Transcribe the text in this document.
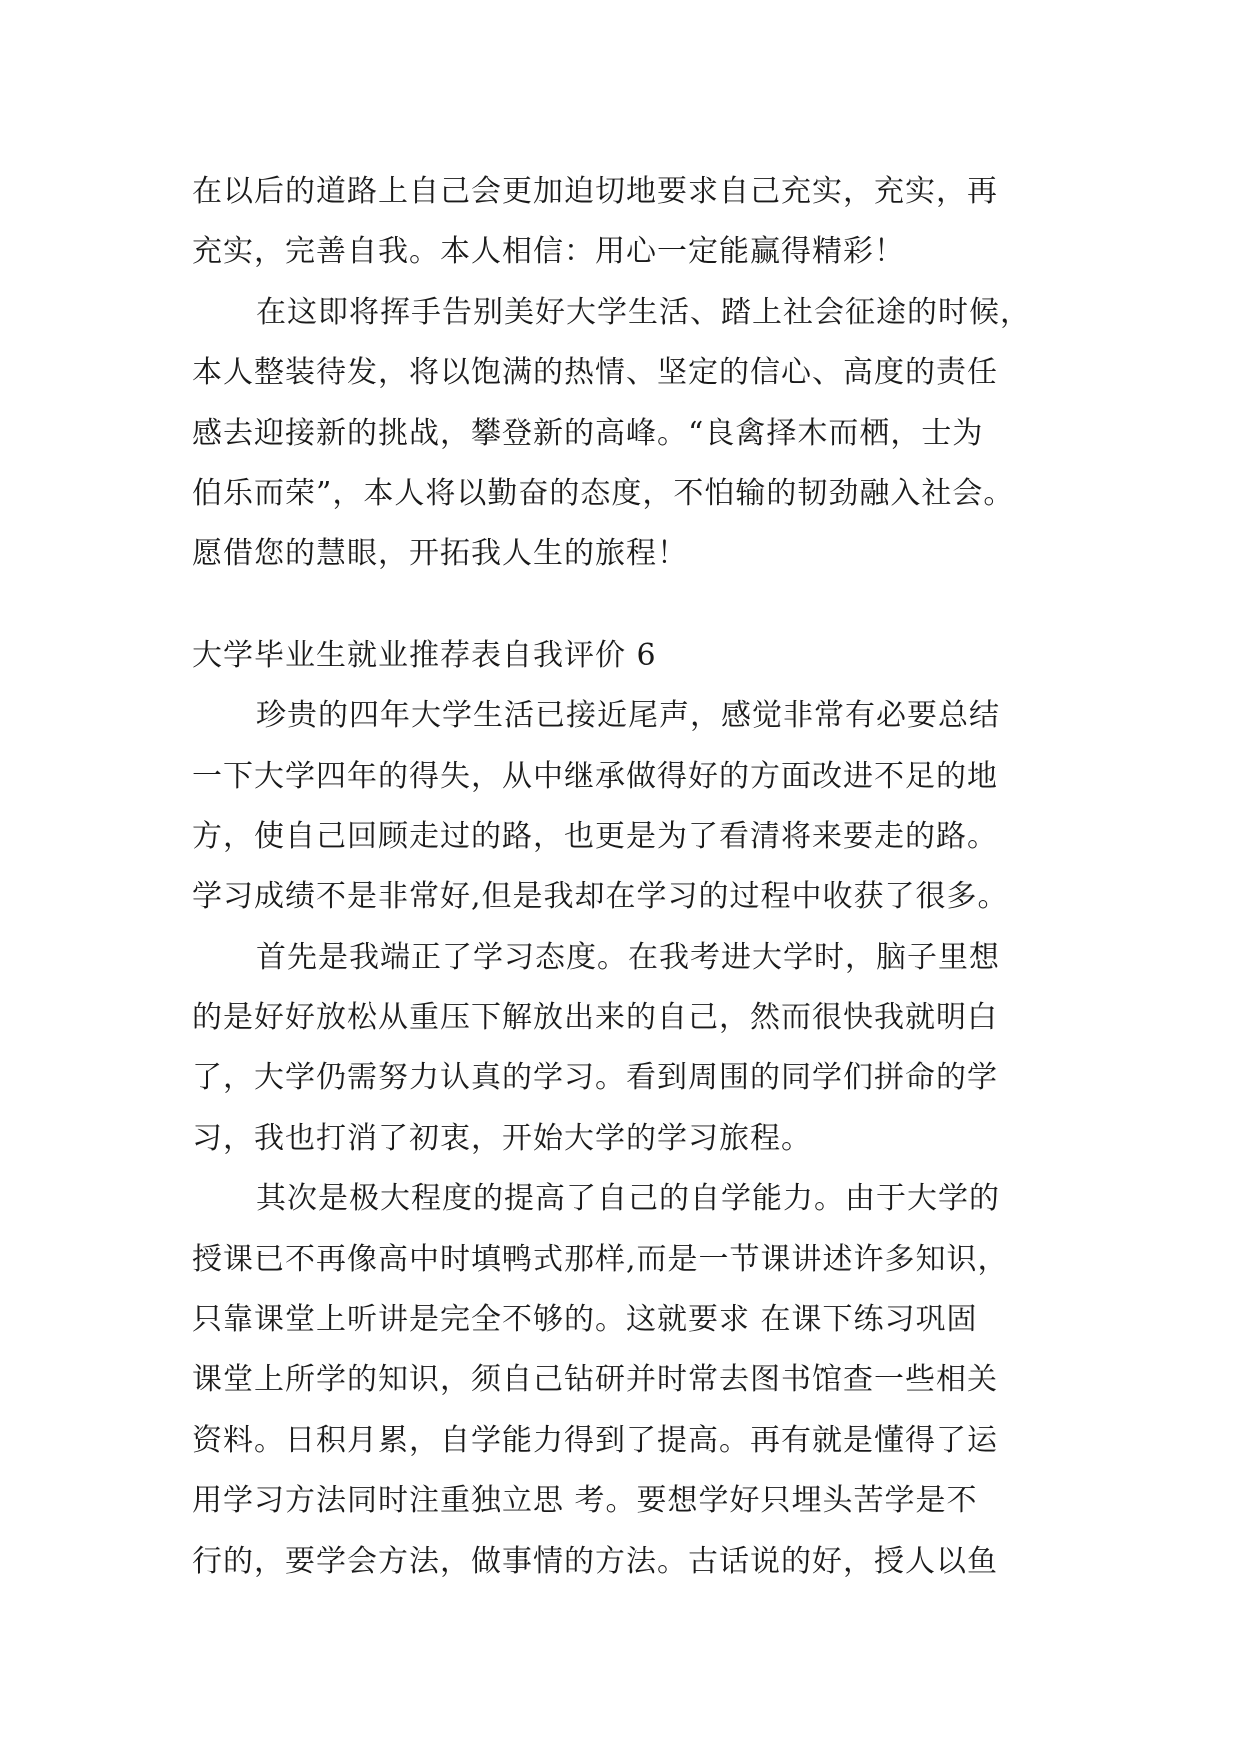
在以后的道路上自己会更加迫切地要求自己充实，充实，再
充实，完善自我。本人相信：用心一定能赢得精彩！
在这即将挥手告别美好大学生活、踏上社会征途的时候，
本人整装待发，将以饱满的热情、坚定的信心、高度的责任
感去迎接新的挑战，攀登新的高峰。“良禽择木而栖，士为
伯乐而荣”，本人将以勤奋的态度，不怕输的韧劲融入社会。
愿借您的慧眼，开拓我人生的旅程！
大学毕业生就业推荐表自我评价 6
珍贵的四年大学生活已接近尾声，感觉非常有必要总结
一下大学四年的得失，从中继承做得好的方面改进不足的地
方，使自己回顾走过的路，也更是为了看清将来要走的路。
学习成绩不是非常好,但是我却在学习的过程中收获了很多。
首先是我端正了学习态度。在我考进大学时，脑子里想
的是好好放松从重压下解放出来的自己，然而很快我就明白
了，大学仍需努力认真的学习。看到周围的同学们拼命的学
习，我也打消了初衷，开始大学的学习旅程。
其次是极大程度的提高了自己的自学能力。由于大学的
授课已不再像高中时填鸭式那样,而是一节课讲述许多知识，
只靠课堂上听讲是完全不够的。这就要求 在课下练习巩固
课堂上所学的知识，须自己钻研并时常去图书馆查一些相关
资料。日积月累，自学能力得到了提高。再有就是懂得了运
用学习方法同时注重独立思 考。要想学好只埋头苦学是不
行的，要学会方法，做事情的方法。古话说的好，授人以鱼
